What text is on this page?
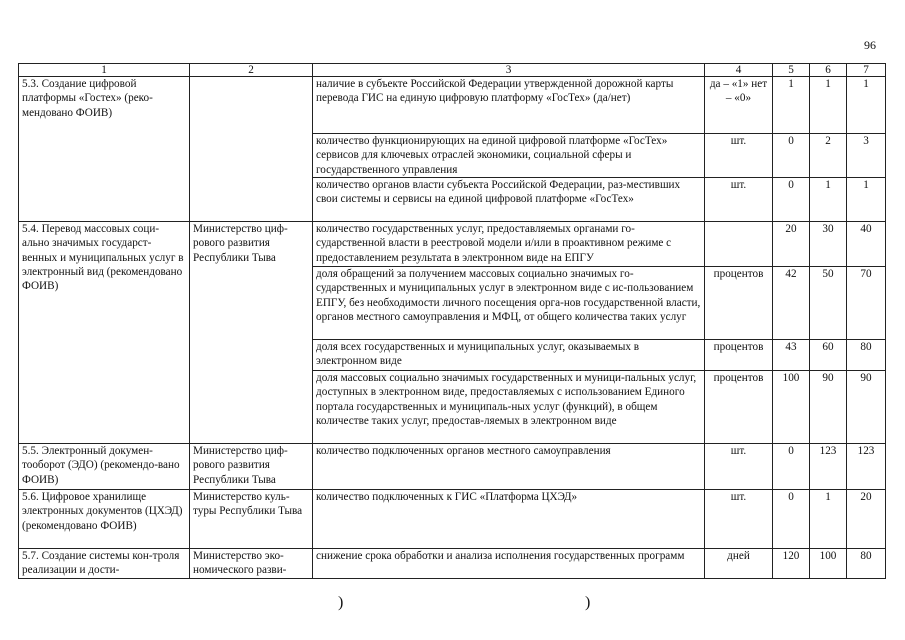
96
1	2	3	4	5	6	7
5.3. Создание цифровой платформы «Гостех» (реко-мендовано ФОИВ)		наличие в субъекте Российской Федерации утвержденной дорожной карты перевода ГИС на единую цифровую платформу «ГосТех» (да/нет)	да – «1» нет – «0»	1	1	1
		количество функционирующих на единой цифровой платформе «ГосТех» сервисов для ключевых отраслей экономики, социальной сферы и государственного управления	шт.	0	2	3
		количество органов власти субъекта Российской Федерации, раз-местивших свои системы и сервисы на единой цифровой платформе «ГосТех»	шт.	0	1	1
5.4. Перевод массовых соци-ально значимых государст-венных и муниципальных услуг в электронный вид (рекомендовано ФОИВ)	Министерство циф-рового развития Республики Тыва	количество государственных услуг, предоставляемых органами го-сударственной власти в реестровой модели и/или в проактивном режиме с предоставлением результата в электронном виде на ЕПГУ		20	30	40
		доля обращений за получением массовых социально значимых го-сударственных и муниципальных услуг в электронном виде с ис-пользованием ЕПГУ, без необходимости личного посещения орга-нов государственной власти, органов местного самоуправления и МФЦ, от общего количества таких услуг	процентов	42	50	70
		доля всех государственных и муниципальных услуг, оказываемых в электронном виде	процентов	43	60	80
		доля массовых социально значимых государственных и муници-пальных услуг, доступных в электронном виде, предоставляемых с использованием Единого портала государственных и муниципаль-ных услуг (функций), в общем количестве таких услуг, предостав-ляемых в электронном виде	процентов	100	90	90
5.5. Электронный докумен-тооборот (ЭДО) (рекомендо-вано ФОИВ)	Министерство циф-рового развития Республики Тыва	количество подключенных органов местного самоуправления	шт.	0	123	123
5.6. Цифровое хранилище электронных документов (ЦХЭД) (рекомендовано ФОИВ)	Министерство куль-туры Республики Тыва	количество подключенных к ГИС «Платформа ЦХЭД»	шт.	0	1	20
5.7. Создание системы кон-троля реализации и дости-	Министерство эко-номического разви-	снижение срока обработки и анализа исполнения государственных программ	дней	120	100	80
)	)
